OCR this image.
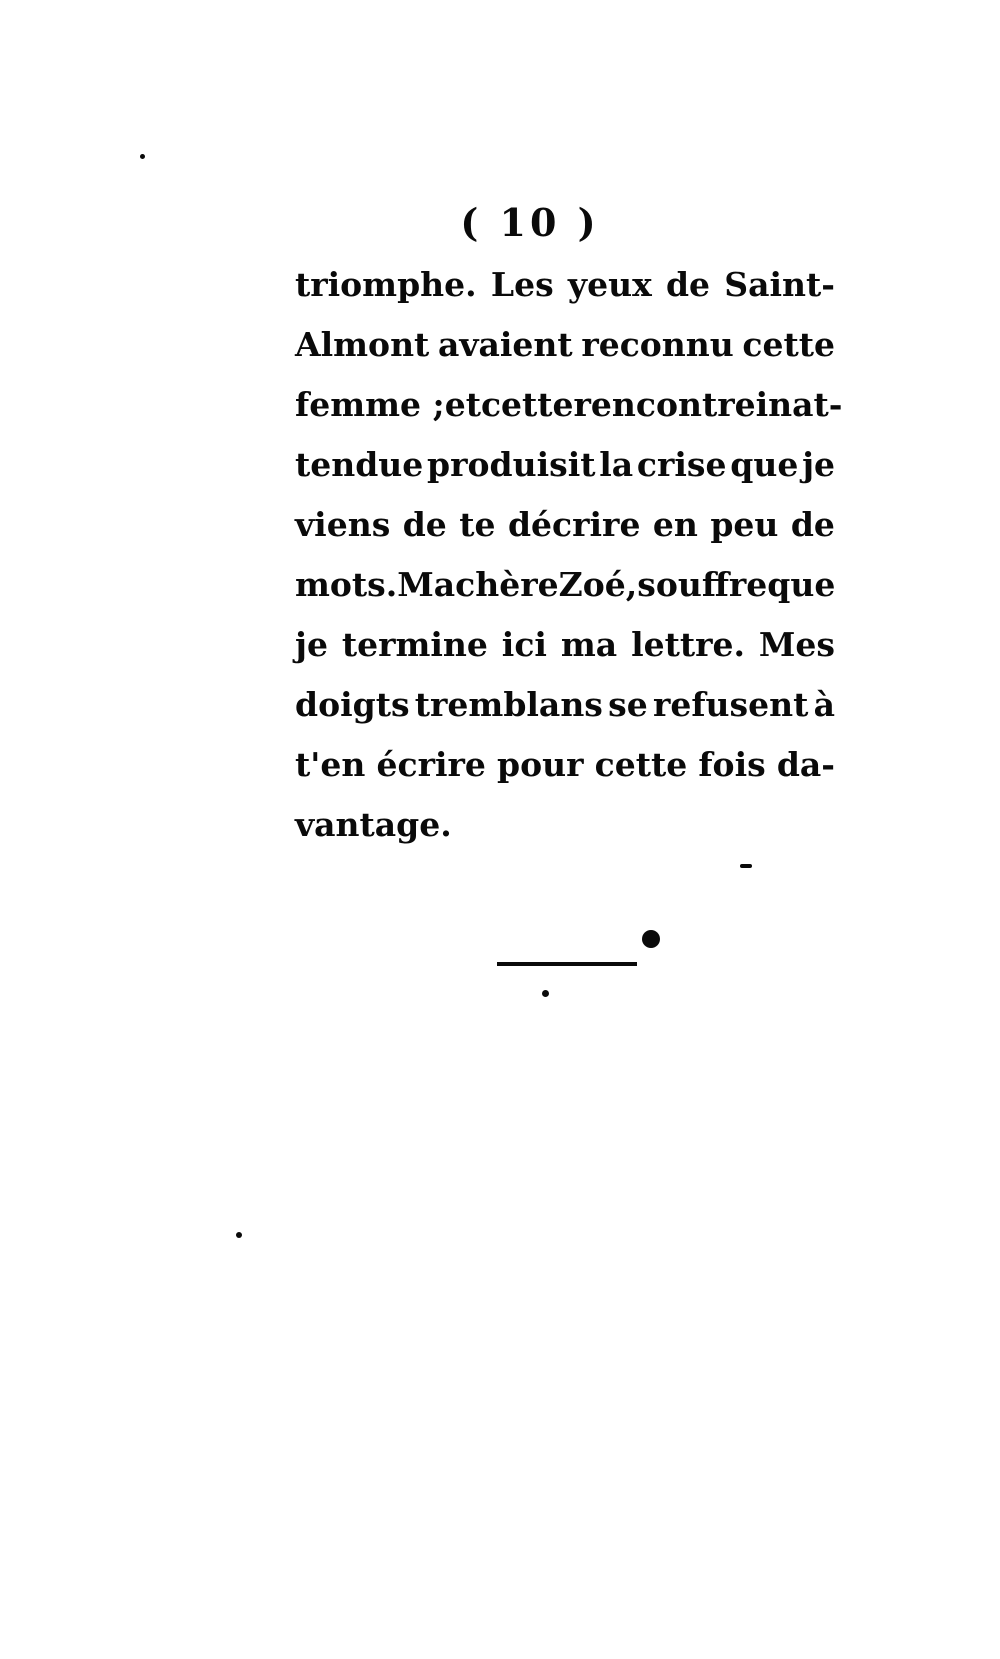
( 10 )
triomphe. Les yeux de Saint-
Almont avaient reconnu cette
femme ; et cette rencontre inat-
tendue produisit la crise que je
viens de te décrire en peu de
mots. Ma chère Zoé, souffre que
je termine ici ma lettre. Mes
doigts tremblans se refusent à
t'en écrire pour cette fois da-
vantage.
